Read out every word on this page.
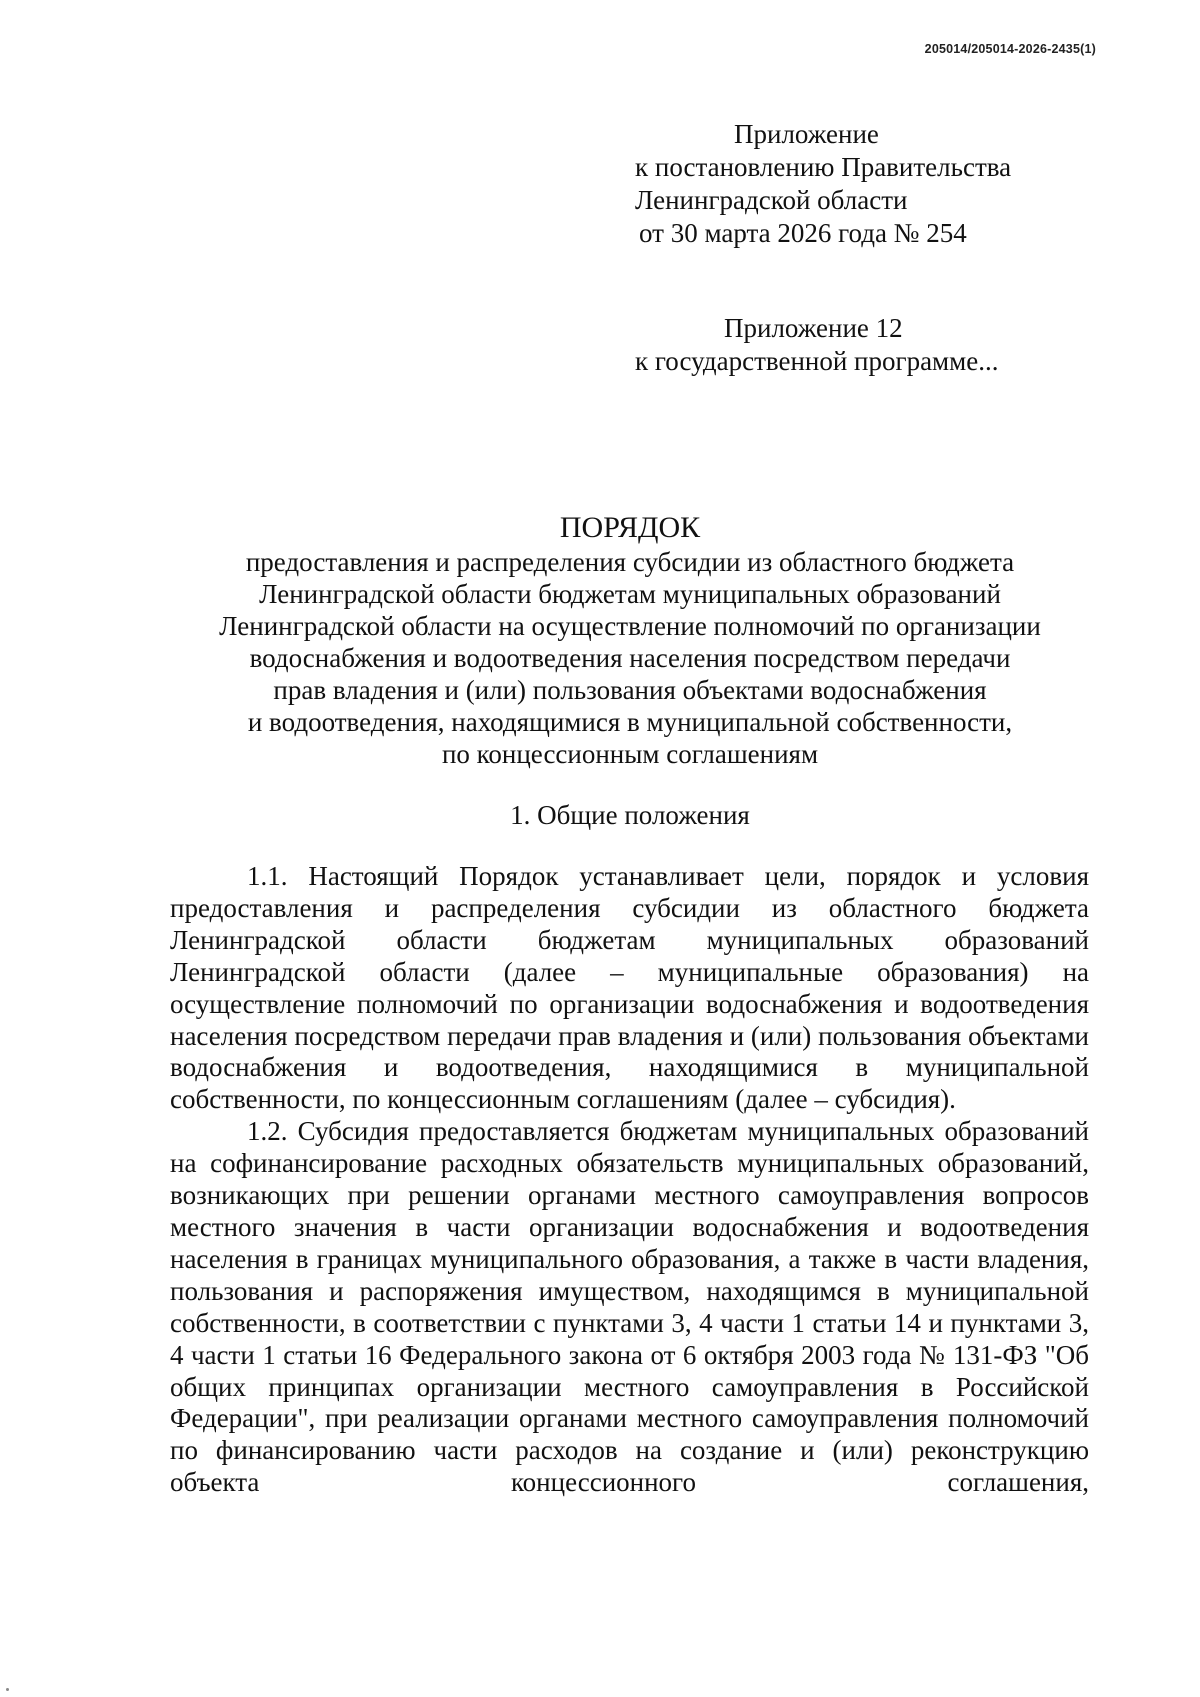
205014/205014-2026-2435(1)
Приложение
к постановлению Правительства
Ленинградской области
от 30 марта 2026 года № 254
Приложение 12
к государственной программе...
ПОРЯДОК
предоставления и распределения субсидии из областного бюджета
Ленинградской области бюджетам муниципальных образований
Ленинградской области на осуществление полномочий по организации
водоснабжения и водоотведения населения посредством передачи
прав владения и (или) пользования объектами водоснабжения
и водоотведения, находящимися в муниципальной собственности,
по концессионным соглашениям
1. Общие положения

1.1. Настоящий Порядок устанавливает цели, порядок и условия предоставления и распределения субсидии из областного бюджета Ленинградской области бюджетам муниципальных образований Ленинградской области (далее – муниципальные образования) на осуществление полномочий по организации водоснабжения и водоотведения населения посредством передачи прав владения и (или) пользования объектами водоснабжения и водоотведения, находящимися в муниципальной собственности, по концессионным соглашениям (далее – субсидия).

1.2. Субсидия предоставляется бюджетам муниципальных образований на софинансирование расходных обязательств муниципальных образований, возникающих при решении органами местного самоуправления вопросов местного значения в части организации водоснабжения и водоотведения населения в границах муниципального образования, а также в части владения, пользования и распоряжения имуществом, находящимся в муниципальной собственности, в соответствии с пунктами 3, 4 части 1 статьи 14 и пунктами 3, 4 части 1 статьи 16 Федерального закона от 6 октября 2003 года № 131-ФЗ "Об общих принципах организации местного самоуправления в Российской Федерации", при реализации органами местного самоуправления полномочий по финансированию части расходов на создание и (или) реконструкцию объекта концессионного соглашения,
